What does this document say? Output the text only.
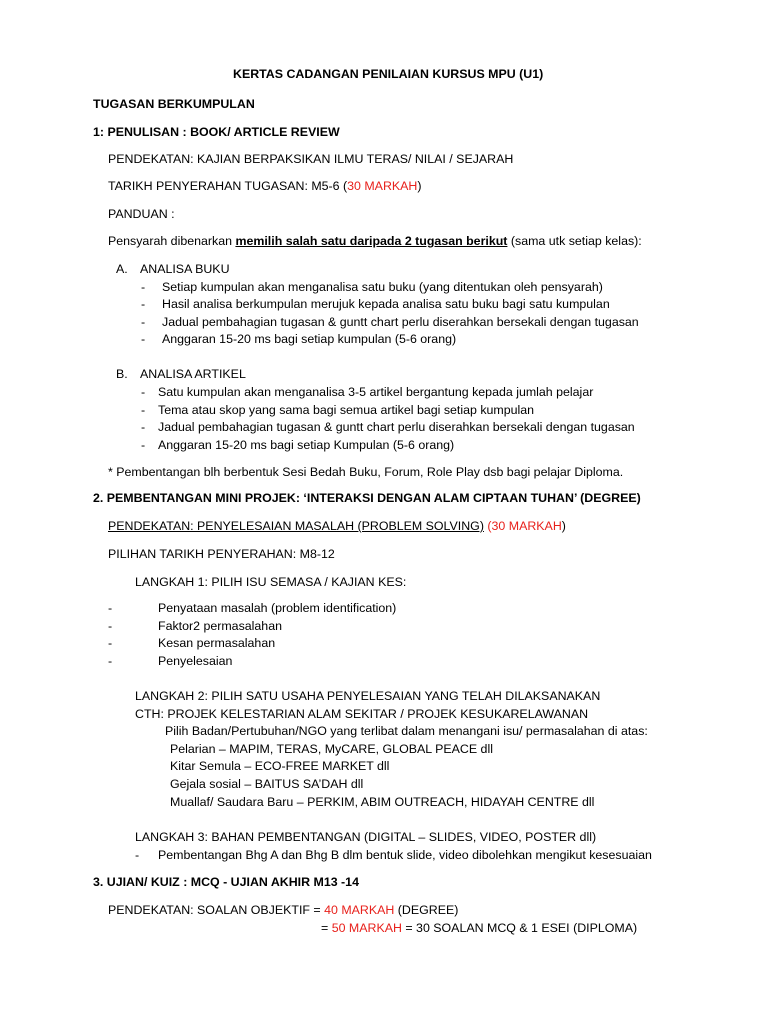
KERTAS CADANGAN PENILAIAN KURSUS MPU (U1)
TUGASAN BERKUMPULAN
1: PENULISAN : BOOK/ ARTICLE REVIEW
PENDEKATAN: KAJIAN BERPAKSIKAN ILMU TERAS/ NILAI / SEJARAH
TARIKH PENYERAHAN TUGASAN: M5-6 (30 MARKAH)
PANDUAN :
Pensyarah dibenarkan memilih salah satu daripada 2 tugasan berikut (sama utk setiap kelas):
A. ANALISA BUKU
- Setiap kumpulan akan menganalisa satu buku (yang ditentukan oleh pensyarah)
- Hasil analisa berkumpulan merujuk kepada analisa satu buku bagi satu kumpulan
- Jadual pembahagian tugasan & guntt chart perlu diserahkan bersekali dengan tugasan
- Anggaran 15-20 ms bagi setiap kumpulan (5-6 orang)
B. ANALISA ARTIKEL
- Satu kumpulan akan menganalisa 3-5 artikel bergantung kepada jumlah pelajar
- Tema atau skop yang sama bagi semua artikel bagi setiap kumpulan
- Jadual pembahagian tugasan & guntt chart perlu diserahkan bersekali dengan tugasan
- Anggaran 15-20 ms bagi setiap Kumpulan (5-6 orang)
* Pembentangan blh berbentuk Sesi Bedah Buku, Forum, Role Play dsb bagi pelajar Diploma.
2. PEMBENTANGAN MINI PROJEK: ‘INTERAKSI DENGAN ALAM CIPTAAN TUHAN’ (DEGREE)
PENDEKATAN: PENYELESAIAN MASALAH (PROBLEM SOLVING) (30 MARKAH)
PILIHAN TARIKH PENYERAHAN: M8-12
LANGKAH 1: PILIH ISU SEMASA / KAJIAN KES:
-	Penyataan masalah (problem identification)
-	Faktor2 permasalahan
-	Kesan permasalahan
-	Penyelesaian
LANGKAH 2: PILIH SATU USAHA PENYELESAIAN YANG TELAH DILAKSANAKAN
CTH: PROJEK KELESTARIAN ALAM SEKITAR / PROJEK KESUKARELAWANAN
Pilih Badan/Pertubuhan/NGO yang terlibat dalam menangani isu/ permasalahan di atas:
Pelarian – MAPIM, TERAS, MyCARE, GLOBAL PEACE dll
Kitar Semula – ECO-FREE MARKET dll
Gejala sosial – BAITUS SA’DAH dll
Muallaf/ Saudara Baru – PERKIM, ABIM OUTREACH, HIDAYAH CENTRE dll
LANGKAH 3: BAHAN PEMBENTANGAN (DIGITAL – SLIDES, VIDEO, POSTER dll)
- Pembentangan Bhg A dan Bhg B dlm bentuk slide, video dibolehkan mengikut kesesuaian
3. UJIAN/ KUIZ : MCQ - UJIAN AKHIR M13 -14
PENDEKATAN: SOALAN OBJEKTIF = 40 MARKAH (DEGREE)
= 50 MARKAH = 30 SOALAN MCQ & 1 ESEI (DIPLOMA)
